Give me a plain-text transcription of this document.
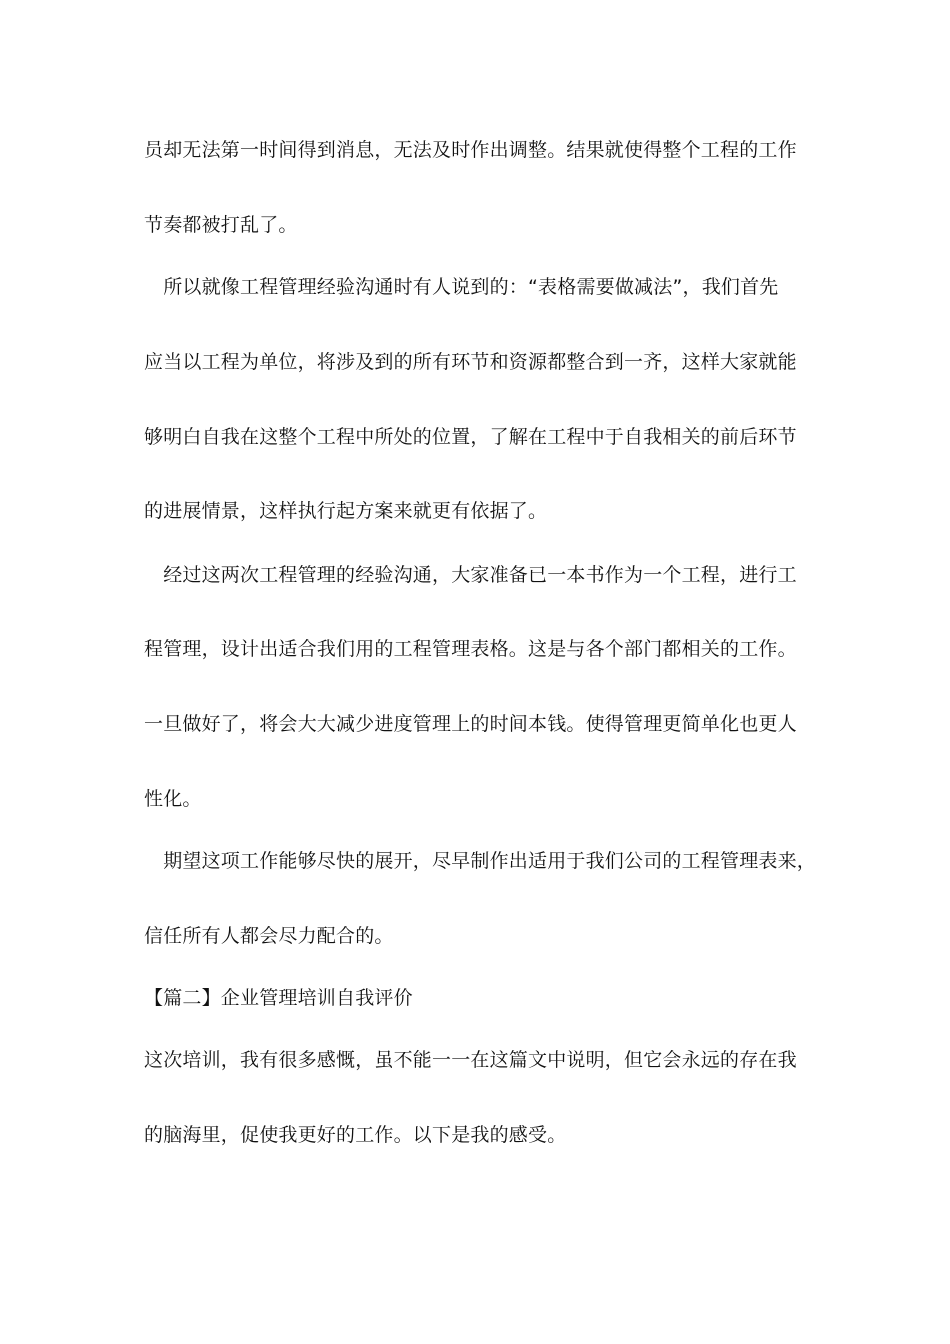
员却无法第一时间得到消息，无法及时作出调整。结果就使得整个工程的工作
节奏都被打乱了。
　所以就像工程管理经验沟通时有人说到的：“表格需要做减法”，我们首先
应当以工程为单位，将涉及到的所有环节和资源都整合到一齐，这样大家就能
够明白自我在这整个工程中所处的位置，了解在工程中于自我相关的前后环节
的进展情景，这样执行起方案来就更有依据了。
　经过这两次工程管理的经验沟通，大家准备已一本书作为一个工程，进行工
程管理，设计出适合我们用的工程管理表格。这是与各个部门都相关的工作。
一旦做好了，将会大大减少进度管理上的时间本钱。使得管理更简单化也更人
性化。
　期望这项工作能够尽快的展开，尽早制作出适用于我们公司的工程管理表来，
信任所有人都会尽力配合的。
【篇二】企业管理培训自我评价
这次培训，我有很多感慨，虽不能一一在这篇文中说明，但它会永远的存在我
的脑海里，促使我更好的工作。以下是我的感受。
